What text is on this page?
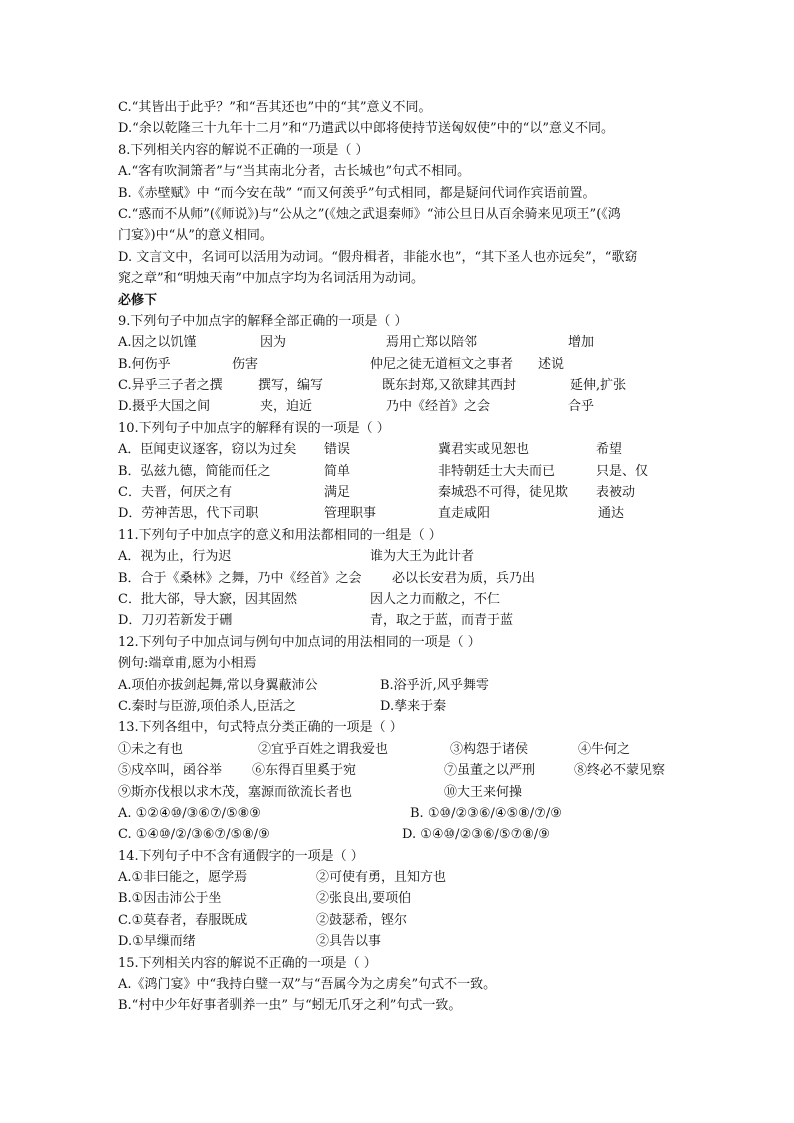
C.“其皆出于此乎？”和“吾其还也”中的“其”意义不同。
D.“余以乾隆三十九年十二月”和“乃遣武以中郎将使持节送匈奴使”中的“以”意义不同。
8.下列相关内容的解说不正确的一项是（ ）
A.“客有吹洞箫者”与“当其南北分者，古长城也”句式不相同。
B.《赤壁赋》中 “而今安在哉” “而又何羡乎”句式相同，都是疑问代词作宾语前置。
C.“惑而不从师”(《师说》)与“公从之”(《烛之武退秦师》“沛公旦日从百余骑来见项王”(《鸿
门宴》)中“从”的意义相同。
D. 文言文中，名词可以活用为动词。“假舟楫者，非能水也”，“其下圣人也亦远矣”，“歌窈
窕之章”和“明烛天南”中加点字均为名词活用为动词。
必修下
9.下列句子中加点字的解释全部正确的一项是（ ）
A.因之以饥馑	因为	焉用亡郑以陪邻	增加
B.何伤乎	伤害	仲尼之徒无道桓文之事者 述说
C.异乎三子者之撰	撰写，编写	既东封郑,又欲肆其西封	延伸,扩张
D.摄乎大国之间	夹，迫近	乃中《经首》之会	合乎
10.下列句子中加点字的解释有误的一项是（ ）
A．臣闻吏议逐客，窃以为过矣 错误	冀君实或见恕也	希望
B．弘兹九德，简能而任之	简单	非特朝廷士大夫而已	只是、仅
C．夫晋，何厌之有	满足	秦城恐不可得，徒见欺 表被动
D．劳神苦思，代下司职	管理职事	直走咸阳	通达
11.下列句子中加点字的意义和用法都相同的一组是（ ）
A．视为止，行为迟	谁为大王为此计者
B．合于《桑林》之舞，乃中《经首》之会 必以长安君为质，兵乃出
C．批大郤，导大窾，因其固然	因人之力而敝之，不仁
D．刀刃若新发于硎	青，取之于蓝，而青于蓝
12.下列句子中加点词与例句中加点词的用法相同的一项是（ ）
例句:端章甫,愿为小相焉
A.项伯亦拔剑起舞,常以身翼蔽沛公	B.浴乎沂,风乎舞雩
C.秦时与臣游,项伯杀人,臣活之	D.孳来于秦
13.下列各组中，句式特点分类正确的一项是（ ）
①未之有也	②宜乎百姓之谓我爱也	③构怨于诸侯	④牛何之
⑤戍卒叫，函谷举 ⑥东得百里奚于宛	⑦虽董之以严刑	⑧终必不蒙见察
⑨斯亦伐根以求木茂，塞源而欲流长者也	⑩大王来何操
A. ①②④⑩/③⑥⑦/⑤⑧⑨	B. ①⑩/②③⑥/④⑤⑧/⑦/⑨
C. ①④⑩/②/③⑥⑦/⑤⑧/⑨	D. ①④⑩/②③⑥/⑤⑦⑧/⑨
14.下列句子中不含有通假字的一项是（ ）
A.①非曰能之，愿学焉	②可使有勇，且知方也
B.①因击沛公于坐	②张良出,要项伯
C.①莫春者，春服既成	②鼓瑟希，铿尔
D.①早缫而绪	②具告以事
15.下列相关内容的解说不正确的一项是（ ）
A.《鸿门宴》中“我持白璧一双”与“吾属今为之虏矣”句式不一致。
B.“村中少年好事者驯养一虫” 与“蚓无爪牙之利”句式一致。
